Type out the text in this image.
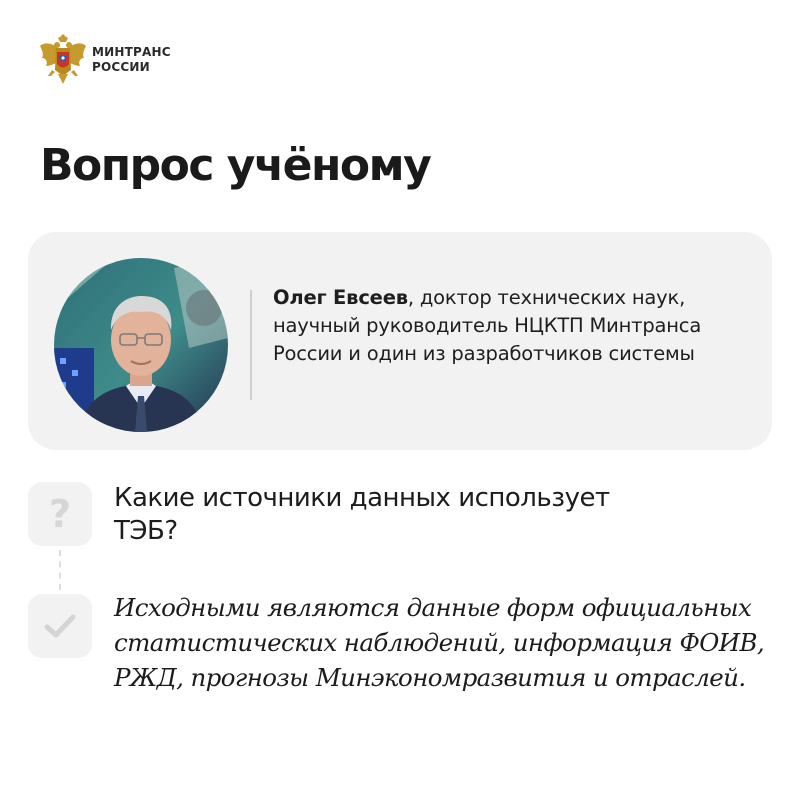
МИНТРАНС
РОССИИ
Вопрос учёному
Олег Евсеев, доктор технических наук, научный руководитель НЦКТП Минтранса России и один из разработчиков системы
? Какие источники данных использует ТЭБ?
Исходными являются данные форм официальных статистических наблюдений, информация ФОИВ, РЖД, прогнозы Минэкономразвития и отраслей.
